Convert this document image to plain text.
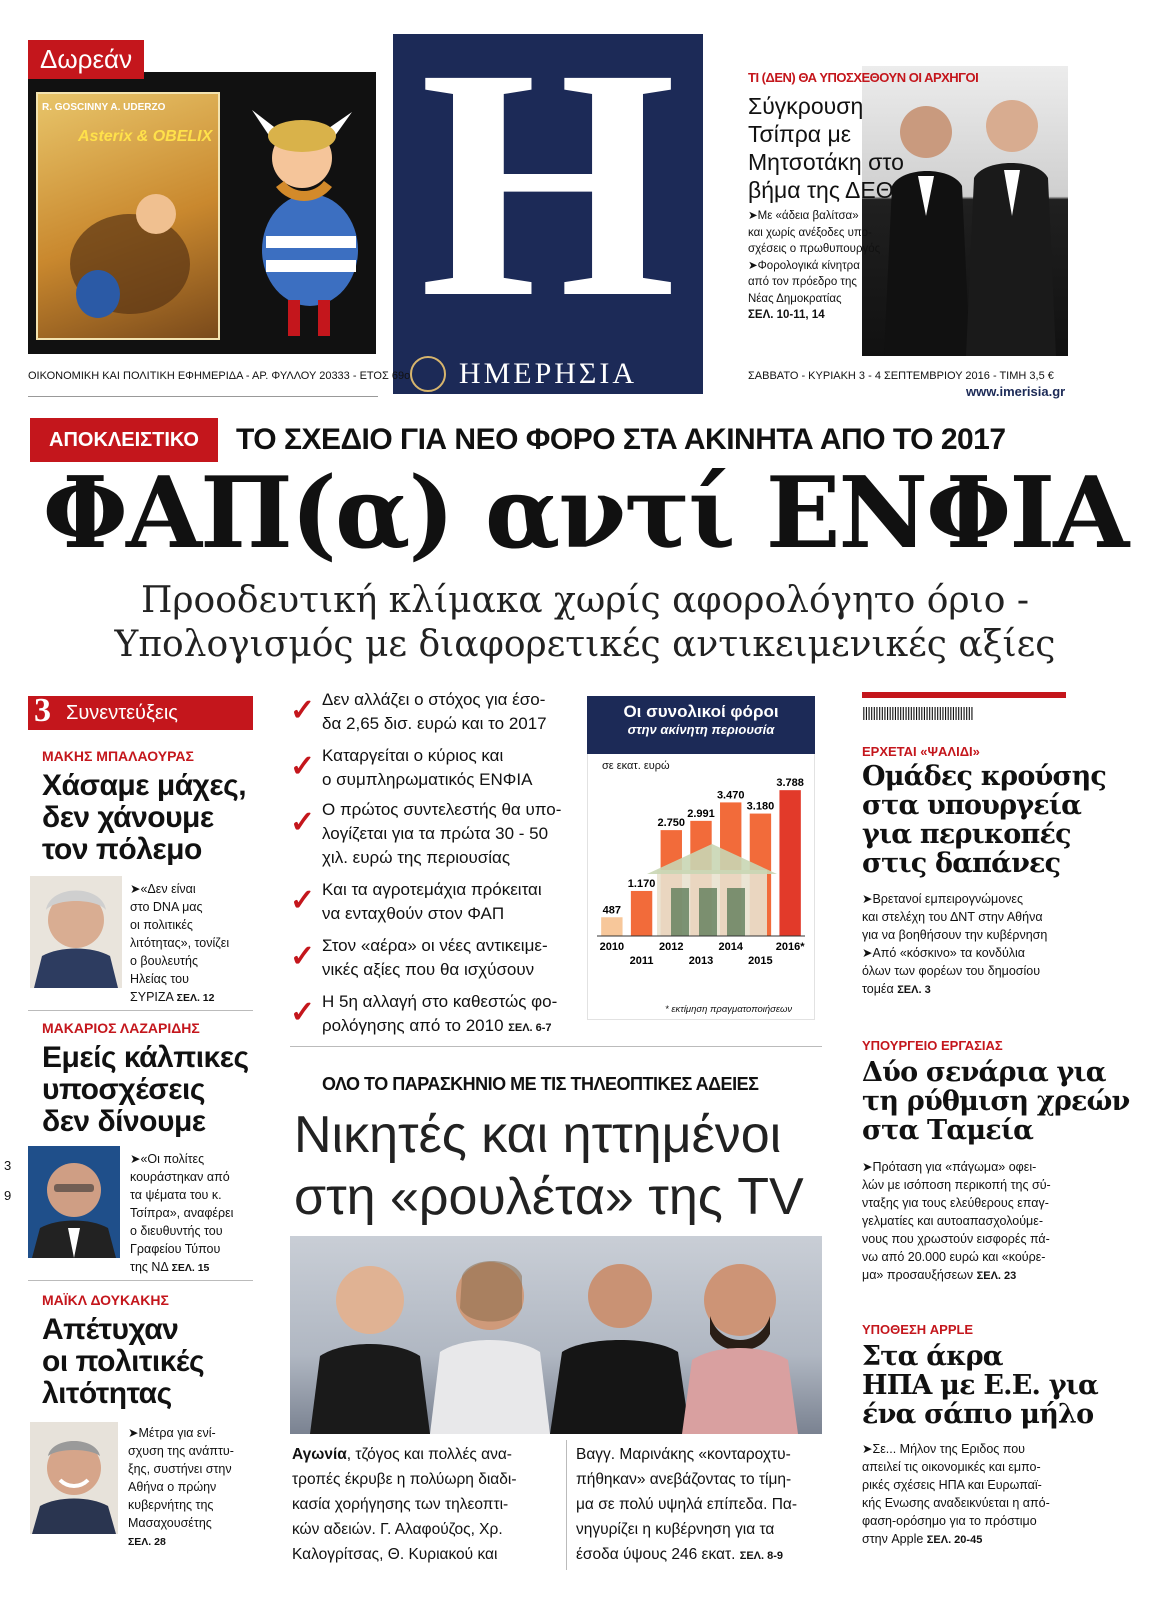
Δωρεάν
R. GOSCINNY A. UDERZO
Asterix & OBELIX Η
ΗΜΕΡΗΣΙΑ
ΟΙΚΟΝΟΜΙΚΗ ΚΑΙ ΠΟΛΙΤΙΚΗ ΕΦΗΜΕΡΙΔΑ - ΑΡ. ΦΥΛΛΟΥ 20333 - ΕΤΟΣ 69ο	ΣΑΒΒΑΤΟ - ΚΥΡΙΑΚΗ 3 - 4 ΣΕΠΤΕΜΒΡΙΟΥ 2016 - ΤΙΜΗ 3,5 €
www.imerisia.gr
ΤΙ (ΔΕΝ) ΘΑ ΥΠΟΣΧΕΘΟΥΝ ΟΙ ΑΡΧΗΓΟΙ
Σύγκρουση
Τσίπρα με
Μητσοτάκη στο
βήμα της ΔΕΘ
➤Με «άδεια βαλίτσα»
και χωρίς ανέξοδες υπο-
σχέσεις ο πρωθυπουργός
➤Φορολογικά κίνητρα
από τον πρόεδρο της
Νέας Δημοκρατίας
ΣΕΛ. 10-11, 14
ΑΠΟΚΛΕΙΣΤΙΚΟ	ΤΟ ΣΧΕΔΙΟ ΓΙΑ ΝΕΟ ΦΟΡΟ ΣΤΑ ΑΚΙΝΗΤΑ ΑΠΟ ΤΟ 2017
ΦΑΠ(α) αντί ΕΝΦΙΑ
Προοδευτική κλίμακα χωρίς αφορολόγητο όριο -
Υπολογισμός με διαφορετικές αντικειμενικές αξίες
3 Συνεντεύξεις
ΜΑΚΗΣ ΜΠΑΛΑΟΥΡΑΣ
Χάσαμε μάχες,
δεν χάνουμε
τον πόλεμο
➤«Δεν είναι
στο DNA μας
οι πολιτικές
λιτότητας», τονίζει
ο βουλευτής
Ηλείας του
ΣΥΡΙΖΑ ΣΕΛ. 12
ΜΑΚΑΡΙΟΣ ΛΑΖΑΡΙΔΗΣ
Εμείς κάλπικες
υποσχέσεις
δεν δίνουμε
➤«Οι πολίτες
κουράστηκαν από
τα ψέματα του κ.
Τσίπρα», αναφέρει
ο διευθυντής του
Γραφείου Τύπου
της ΝΔ ΣΕΛ. 15
ΜΑΪΚΛ ΔΟΥΚΑΚΗΣ
Απέτυχαν
οι πολιτικές
λιτότητας
➤Μέτρα για ενί-
σχυση της ανάπτυ-
ξης, συστήνει στην
Αθήνα ο πρώην
κυβερνήτης της
Μασαχουσέτης
ΣΕΛ. 28
3
9
✓ Δεν αλλάζει ο στόχος για έσο-
δα 2,65 δισ. ευρώ και το 2017
✓ Καταργείται ο κύριος και
ο συμπληρωματικός ΕΝΦΙΑ
✓ Ο πρώτος συντελεστής θα υπο-
λογίζεται για τα πρώτα 30 - 50
χιλ. ευρώ της περιουσίας
✓ Και τα αγροτεμάχια πρόκειται
να ενταχθούν στον ΦΑΠ
✓ Στον «αέρα» οι νέες αντικειμε-
νικές αξίες που θα ισχύσουν
✓ Η 5η αλλαγή στο καθεστώς φο-
ρολόγησης από το 2010 ΣΕΛ. 6-7
Οι συνολικοί φόροι
στην ακίνητη περιουσία
σε εκατ. ευρώ
487
2010
1.170
2011
2.750
2012
2.991
2013
3.470
2014
3.180
2015
3.788
2016*
* εκτίμηση πραγματοποιήσεων
||||||||||||||||||||||||||||||||||||||||||
ΕΡΧΕΤΑΙ «ΨΑΛΙΔΙ»
Ομάδες κρούσης
στα υπουργεία
για περικοπές
στις δαπάνες
➤Βρετανοί εμπειρογνώμονες
και στελέχη του ΔΝΤ στην Αθήνα
για να βοηθήσουν την κυβέρνηση
➤Από «κόσκινο» τα κονδύλια
όλων των φορέων του δημοσίου
τομέα ΣΕΛ. 3
ΥΠΟΥΡΓΕΙΟ ΕΡΓΑΣΙΑΣ
Δύο σενάρια για
τη ρύθμιση χρεών
στα Ταμεία
➤Πρόταση για «πάγωμα» οφει-
λών με ισόποση περικοπή της σύ-
νταξης για τους ελεύθερους επαγ-
γελματίες και αυτοαπασχολούμε-
νους που χρωστούν εισφορές πά-
νω από 20.000 ευρώ και «κούρε-
μα» προσαυξήσεων ΣΕΛ. 23
ΥΠΟΘΕΣΗ APPLE
Στα άκρα
ΗΠΑ με Ε.Ε. για
ένα σάπιο μήλο
➤Σε... Μήλον της Εριδος που
απειλεί τις οικονομικές και εμπο-
ρικές σχέσεις ΗΠΑ και Ευρωπαϊ-
κής Ενωσης αναδεικνύεται η από-
φαση-ορόσημο για το πρόστιμο
στην Apple ΣΕΛ. 20-45
ΟΛΟ ΤΟ ΠΑΡΑΣΚΗΝΙΟ ΜΕ ΤΙΣ ΤΗΛΕΟΠΤΙΚΕΣ ΑΔΕΙΕΣ
Νικητές και ηττημένοι
στη «ρουλέτα» της TV
Αγωνία, τζόγος και πολλές ανα-
τροπές έκρυβε η πολύωρη διαδι-
κασία χορήγησης των τηλεοπτι-
κών αδειών. Γ. Αλαφούζος, Χρ.
Καλογρίτσας, Θ. Κυριακού και
Βαγγ. Μαρινάκης «κονταροχτυ-
πήθηκαν» ανεβάζοντας το τίμη-
μα σε πολύ υψηλά επίπεδα. Πα-
νηγυρίζει η κυβέρνηση για τα
έσοδα ύψους 246 εκατ. ΣΕΛ. 8-9
